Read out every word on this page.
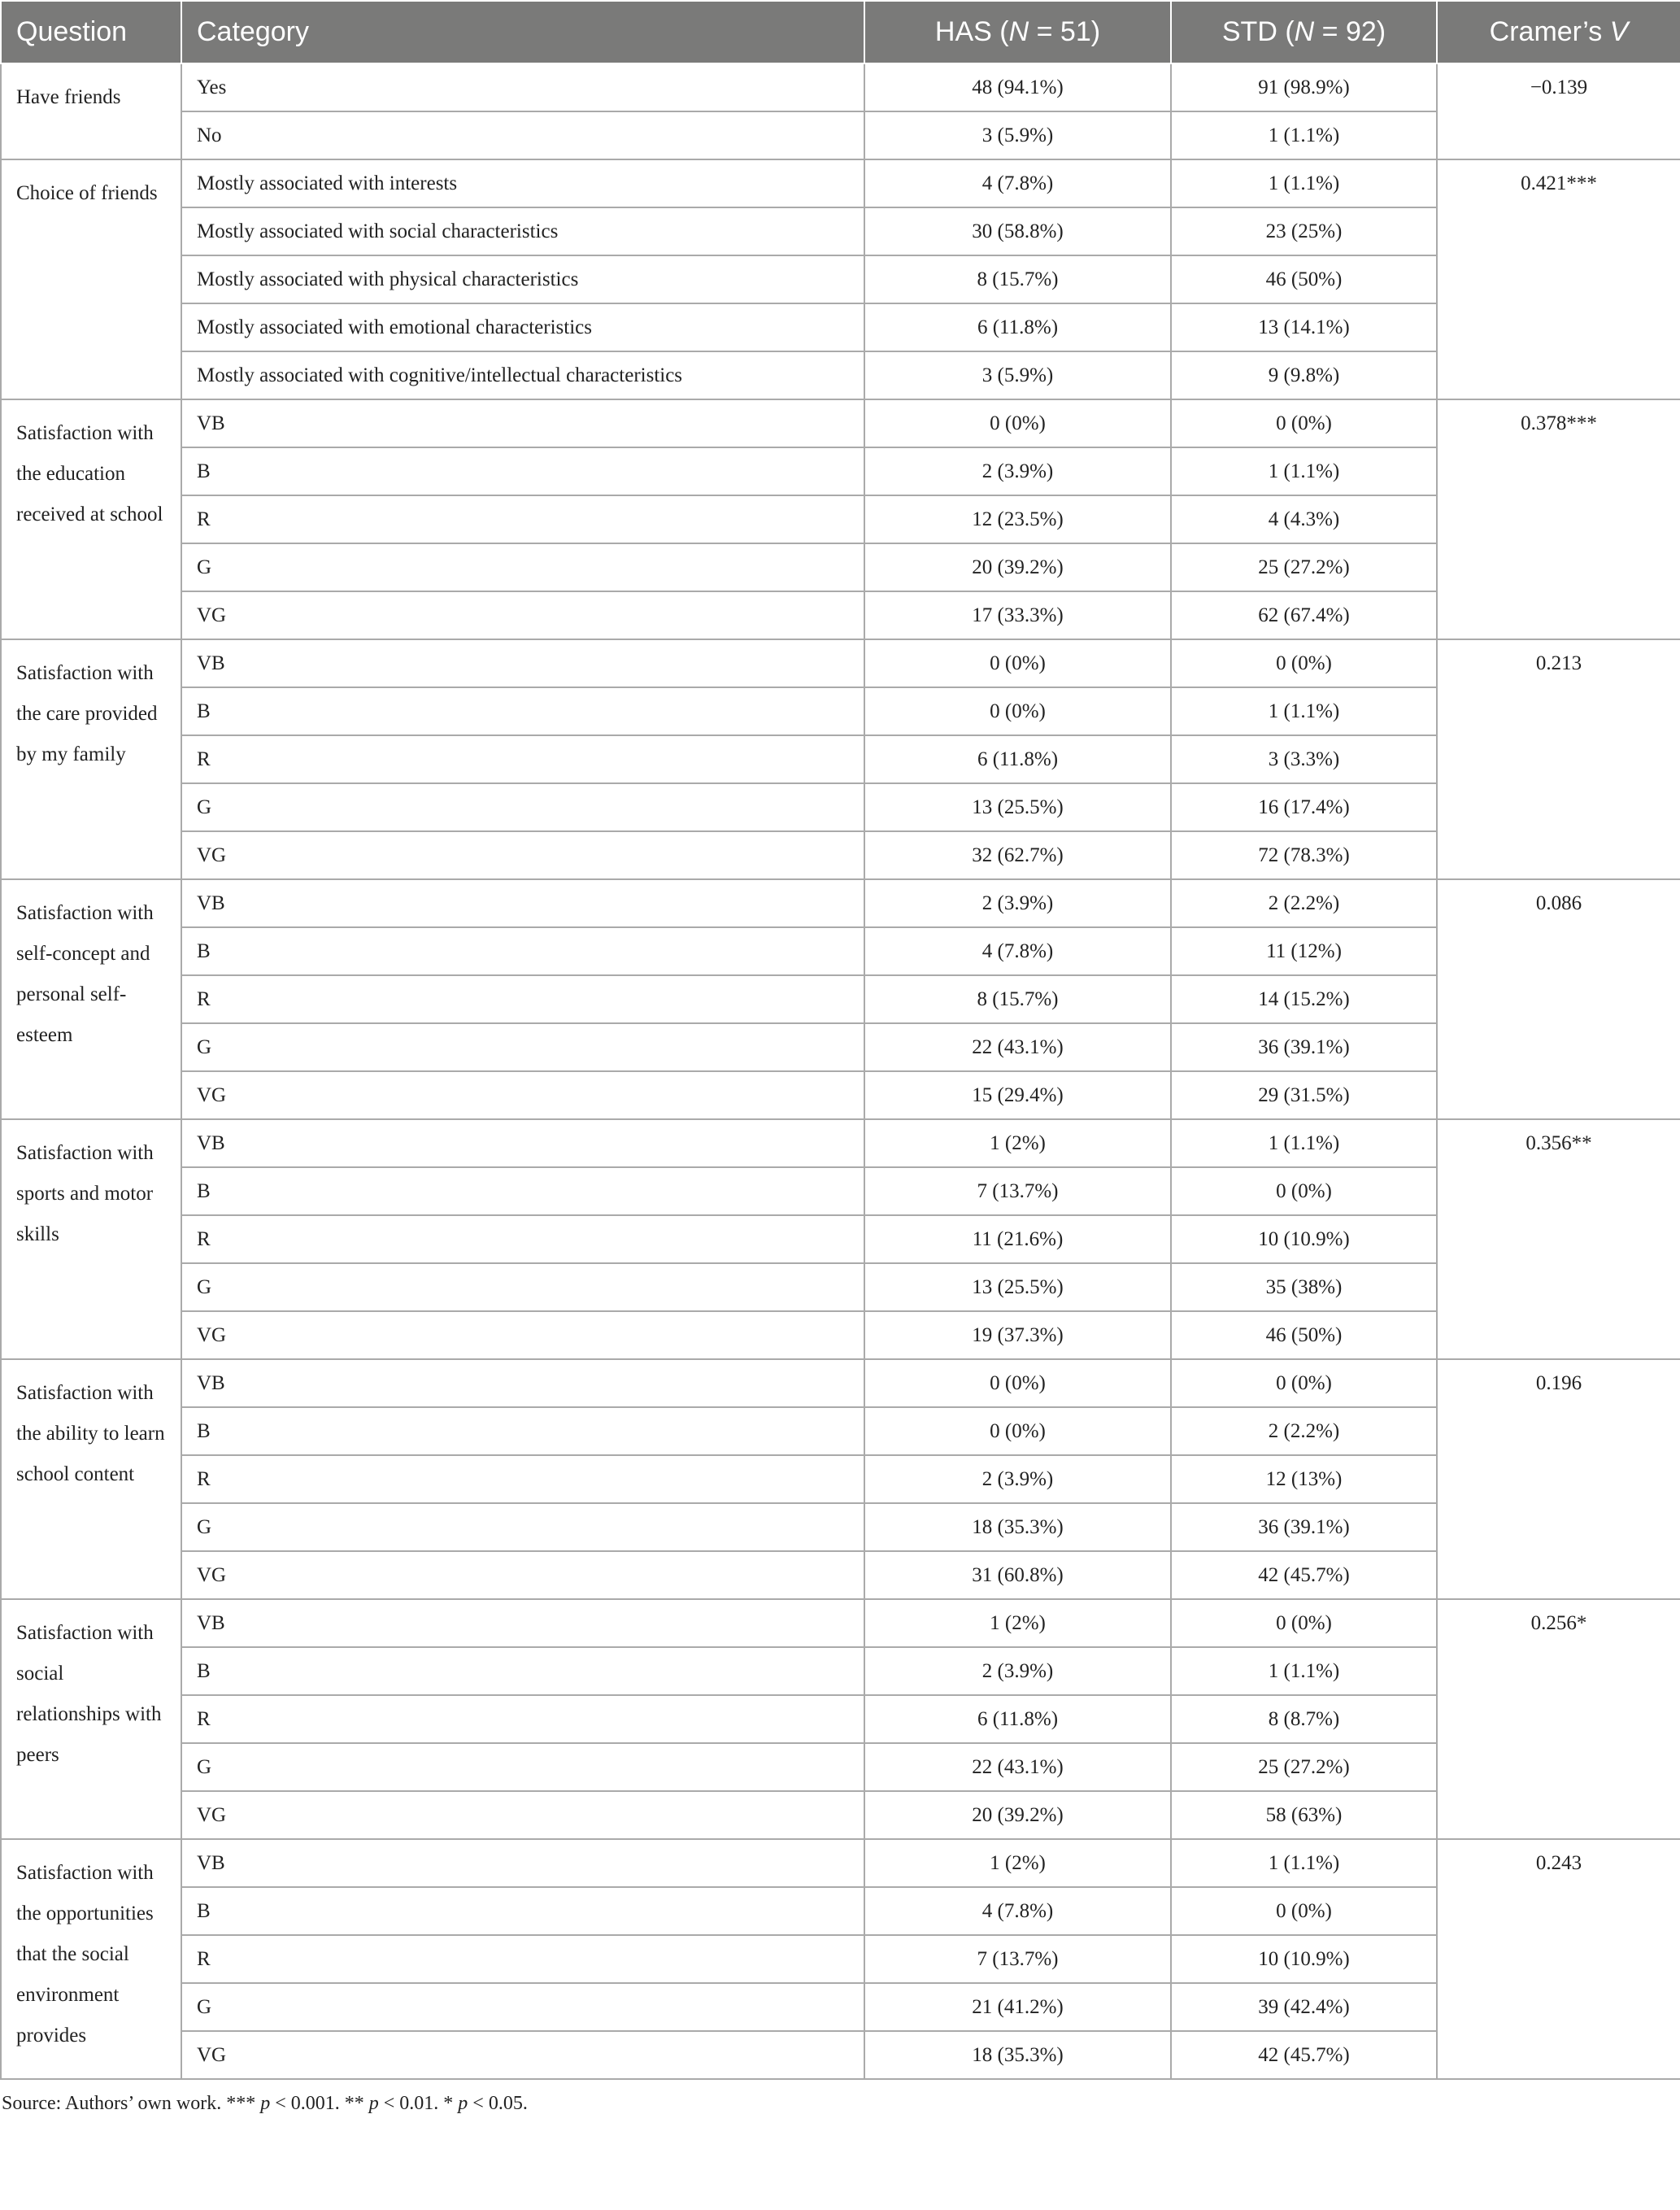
Question	Category	HAS (N = 51)	STD (N = 92)	Cramer’s V
Have friends	Yes	48 (94.1%)	91 (98.9%)	−0.139
	No	3 (5.9%)	1 (1.1%)	
Choice of friends	Mostly associated with interests	4 (7.8%)	1 (1.1%)	0.421***
	Mostly associated with social characteristics	30 (58.8%)	23 (25%)	
	Mostly associated with physical characteristics	8 (15.7%)	46 (50%)	
	Mostly associated with emotional characteristics	6 (11.8%)	13 (14.1%)	
	Mostly associated with cognitive/intellectual characteristics	3 (5.9%)	9 (9.8%)	
Satisfaction with the education received at school	VB	0 (0%)	0 (0%)	0.378***
	B	2 (3.9%)	1 (1.1%)	
	R	12 (23.5%)	4 (4.3%)	
	G	20 (39.2%)	25 (27.2%)	
	VG	17 (33.3%)	62 (67.4%)	
Satisfaction with the care provided by my family	VB	0 (0%)	0 (0%)	0.213
	B	0 (0%)	1 (1.1%)	
	R	6 (11.8%)	3 (3.3%)	
	G	13 (25.5%)	16 (17.4%)	
	VG	32 (62.7%)	72 (78.3%)	
Satisfaction with self-concept and personal self-esteem	VB	2 (3.9%)	2 (2.2%)	0.086
	B	4 (7.8%)	11 (12%)	
	R	8 (15.7%)	14 (15.2%)	
	G	22 (43.1%)	36 (39.1%)	
	VG	15 (29.4%)	29 (31.5%)	
Satisfaction with sports and motor skills	VB	1 (2%)	1 (1.1%)	0.356**
	B	7 (13.7%)	0 (0%)	
	R	11 (21.6%)	10 (10.9%)	
	G	13 (25.5%)	35 (38%)	
	VG	19 (37.3%)	46 (50%)	
Satisfaction with the ability to learn school content	VB	0 (0%)	0 (0%)	0.196
	B	0 (0%)	2 (2.2%)	
	R	2 (3.9%)	12 (13%)	
	G	18 (35.3%)	36 (39.1%)	
	VG	31 (60.8%)	42 (45.7%)	
Satisfaction with social relationships with peers	VB	1 (2%)	0 (0%)	0.256*
	B	2 (3.9%)	1 (1.1%)	
	R	6 (11.8%)	8 (8.7%)	
	G	22 (43.1%)	25 (27.2%)	
	VG	20 (39.2%)	58 (63%)	
Satisfaction with the opportunities that the social environment provides	VB	1 (2%)	1 (1.1%)	0.243
	B	4 (7.8%)	0 (0%)	
	R	7 (13.7%)	10 (10.9%)	
	G	21 (41.2%)	39 (42.4%)	
	VG	18 (35.3%)	42 (45.7%)	
Source: Authors’ own work. *** p < 0.001. ** p < 0.01. * p < 0.05.
